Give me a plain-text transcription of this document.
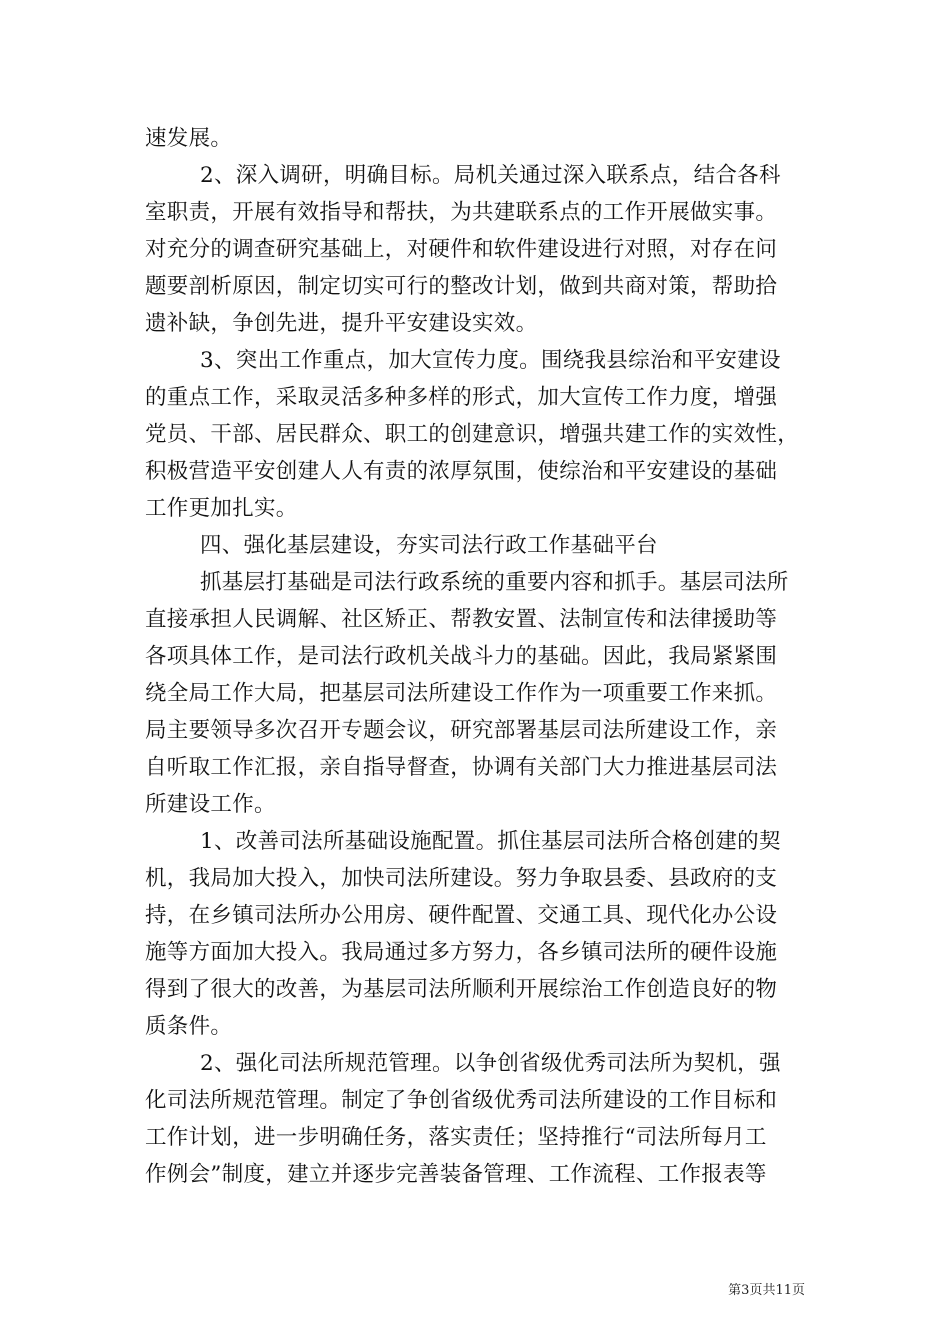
速发展。
2、深入调研，明确目标。局机关通过深入联系点，结合各科
室职责，开展有效指导和帮扶，为共建联系点的工作开展做实事。
对充分的调查研究基础上，对硬件和软件建设进行对照，对存在问
题要剖析原因，制定切实可行的整改计划，做到共商对策，帮助拾
遗补缺，争创先进，提升平安建设实效。
3、突出工作重点，加大宣传力度。围绕我县综治和平安建设
的重点工作，采取灵活多种多样的形式，加大宣传工作力度，增强
党员、干部、居民群众、职工的创建意识，增强共建工作的实效性，
积极营造平安创建人人有责的浓厚氛围，使综治和平安建设的基础
工作更加扎实。
四、强化基层建设，夯实司法行政工作基础平台
抓基层打基础是司法行政系统的重要内容和抓手。基层司法所
直接承担人民调解、社区矫正、帮教安置、法制宣传和法律援助等
各项具体工作，是司法行政机关战斗力的基础。因此，我局紧紧围
绕全局工作大局，把基层司法所建设工作作为一项重要工作来抓。
局主要领导多次召开专题会议，研究部署基层司法所建设工作，亲
自听取工作汇报，亲自指导督查，协调有关部门大力推进基层司法
所建设工作。
1、改善司法所基础设施配置。抓住基层司法所合格创建的契
机，我局加大投入，加快司法所建设。努力争取县委、县政府的支
持，在乡镇司法所办公用房、硬件配置、交通工具、现代化办公设
施等方面加大投入。我局通过多方努力，各乡镇司法所的硬件设施
得到了很大的改善，为基层司法所顺利开展综治工作创造良好的物
质条件。
2、强化司法所规范管理。以争创省级优秀司法所为契机，强
化司法所规范管理。制定了争创省级优秀司法所建设的工作目标和
工作计划，进一步明确任务，落实责任；坚持推行“司法所每月工
作例会”制度，建立并逐步完善装备管理、工作流程、工作报表等
第3页共11页
